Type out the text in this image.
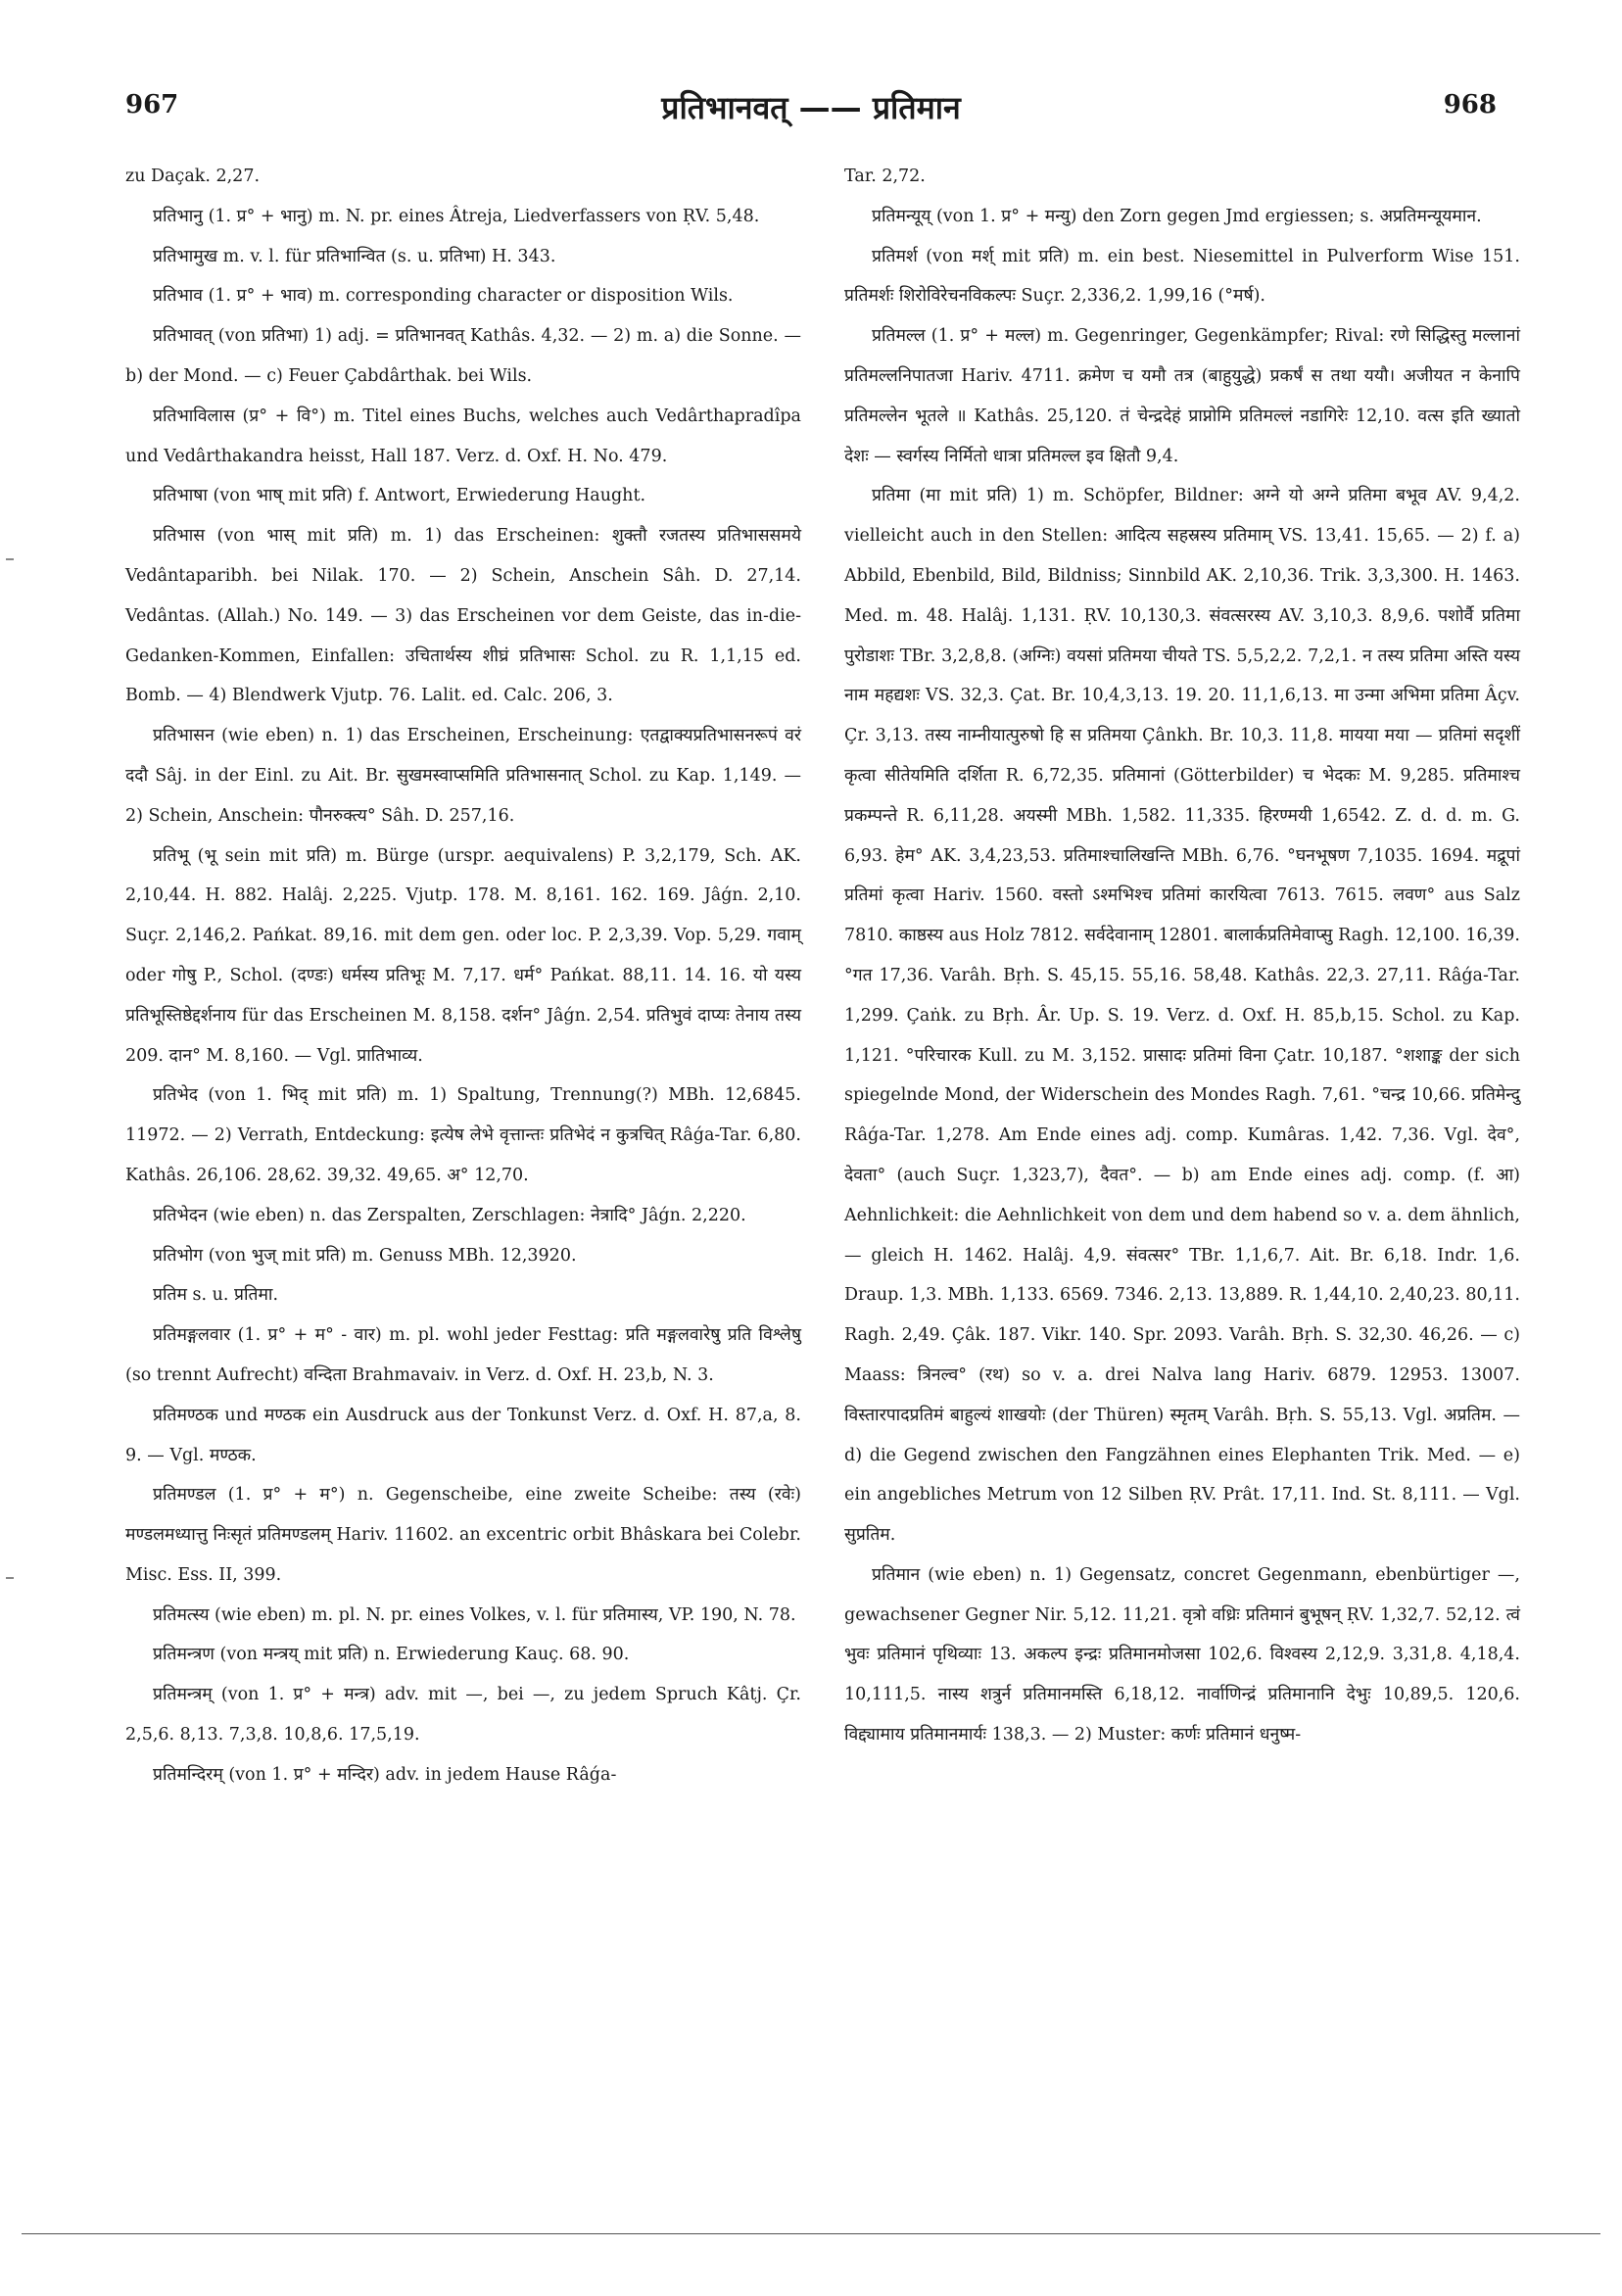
967	प्रतिभानवत् —— प्रतिमान	968

zu Daçak. 2,27.

प्रतिभानु (1. प्र° + भानु) m. N. pr. eines Âtreja, Liedverfassers von ṚV. 5,48.

प्रतिभामुख m. v. l. für प्रतिभान्वित (s. u. प्रतिभा) H. 343.

प्रतिभाव (1. प्र° + भाव) m. corresponding character or disposition Wils.

प्रतिभावत् (von प्रतिभा) 1) adj. = प्रतिभानवत् Kathâs. 4,32. — 2) m. a) die Sonne. — b) der Mond. — c) Feuer Çabdârthak. bei Wils.

प्रतिभाविलास (प्र° + वि°) m. Titel eines Buchs, welches auch Vedârthapradîpa und Vedârthakandra heisst, Hall 187. Verz. d. Oxf. H. No. 479.

प्रतिभाषा (von भाष् mit प्रति) f. Antwort, Erwiederung Haught.

प्रतिभास (von भास् mit प्रति) m. 1) das Erscheinen: शुक्तौ रजतस्य प्रतिभाससमये Vedântaparibh. bei Nilak. 170. — 2) Schein, Anschein Sâh. D. 27,14. Vedântas. (Allah.) No. 149. — 3) das Erscheinen vor dem Geiste, das in-die-Gedanken-Kommen, Einfallen: उचितार्थस्य शीघ्रं प्रतिभासः Schol. zu R. 1,1,15 ed. Bomb. — 4) Blendwerk Vjutp. 76. Lalit. ed. Calc. 206, 3.

प्रतिभासन (wie eben) n. 1) das Erscheinen, Erscheinung: एतद्वाक्यप्रतिभासनरूपं वरं ददौ Sâj. in der Einl. zu Ait. Br. सुखमस्वाप्समिति प्रतिभासनात् Schol. zu Kap. 1,149. — 2) Schein, Anschein: पौनरुक्त्य° Sâh. D. 257,16.

प्रतिभू (भू sein mit प्रति) m. Bürge (urspr. aequivalens) P. 3,2,179, Sch. AK. 2,10,44. H. 882. Halâj. 2,225. Vjutp. 178. M. 8,161. 162. 169. Jâǵn. 2,10. Suçr. 2,146,2. Pańkat. 89,16. mit dem gen. oder loc. P. 2,3,39. Vop. 5,29. गवाम् oder गोषु P., Schol. (दण्डः) धर्मस्य प्रतिभूः M. 7,17. धर्म° Pańkat. 88,11. 14. 16. यो यस्य प्रतिभूस्तिष्ठेद्दर्शनाय für das Erscheinen M. 8,158. दर्शन° Jâǵn. 2,54. प्रतिभुवं दाप्यः तेनाय तस्य 209. दान° M. 8,160. — Vgl. प्रातिभाव्य.

प्रतिभेद (von 1. भिद् mit प्रति) m. 1) Spaltung, Trennung(?) MBh. 12,6845. 11972. — 2) Verrath, Entdeckung: इत्येष लेभे वृत्तान्तः प्रतिभेदं न कुत्रचित् Râǵa-Tar. 6,80. Kathâs. 26,106. 28,62. 39,32. 49,65. अ° 12,70.

प्रतिभेदन (wie eben) n. das Zerspalten, Zerschlagen: नेत्रादि° Jâǵn. 2,220.

प्रतिभोग (von भुज् mit प्रति) m. Genuss MBh. 12,3920.

प्रतिम s. u. प्रतिमा.

प्रतिमङ्गलवार (1. प्र° + म° - वार) m. pl. wohl jeder Festtag: प्रति मङ्गलवारेषु प्रति विश्लेषु (so trennt Aufrecht) वन्दिता Brahmavaiv. in Verz. d. Oxf. H. 23,b, N. 3.

प्रतिमण्ठक und मण्ठक ein Ausdruck aus der Tonkunst Verz. d. Oxf. H. 87,a, 8. 9. — Vgl. मण्ठक.

प्रतिमण्डल (1. प्र° + म°) n. Gegenscheibe, eine zweite Scheibe: तस्य (रवेः) मण्डलमध्यात्तु निःसृतं प्रतिमण्डलम् Hariv. 11602. an excentric orbit Bhâskara bei Colebr. Misc. Ess. II, 399.

प्रतिमत्स्य (wie eben) m. pl. N. pr. eines Volkes, v. l. für प्रतिमास्य, VP. 190, N. 78.

प्रतिमन्त्रण (von मन्त्रय् mit प्रति) n. Erwiederung Kauç. 68. 90.

प्रतिमन्त्रम् (von 1. प्र° + मन्त्र) adv. mit —, bei —, zu jedem Spruch Kâtj. Çr. 2,5,6. 8,13. 7,3,8. 10,8,6. 17,5,19.

प्रतिमन्दिरम् (von 1. प्र° + मन्दिर) adv. in jedem Hause Râǵa-

Tar. 2,72.

प्रतिमन्यूय् (von 1. प्र° + मन्यु) den Zorn gegen Jmd ergiessen; s. अप्रतिमन्यूयमान.

प्रतिमर्श (von मर्श् mit प्रति) m. ein best. Niesemittel in Pulverform Wise 151. प्रतिमर्शः शिरोविरेचनविकल्पः Suçr. 2,336,2. 1,99,16 (°मर्ष).

प्रतिमल्ल (1. प्र° + मल्ल) m. Gegenringer, Gegenkämpfer; Rival: रणे सिद्धिस्तु मल्लानां प्रतिमल्लनिपातजा Hariv. 4711. क्रमेण च यमौ तत्र (बाहुयुद्धे) प्रकर्षं स तथा ययौ। अजीयत न केनापि प्रतिमल्लेन भूतले ॥ Kathâs. 25,120. तं चेन्द्रदेहं प्राप्नोमि प्रतिमल्लं नडागिरेः 12,10. वत्स इति ख्यातो देशः — स्वर्गस्य निर्मितो धात्रा प्रतिमल्ल इव क्षितौ 9,4.

प्रतिमा (मा mit प्रति) 1) m. Schöpfer, Bildner: अग्ने यो अग्ने प्रतिमा बभूव AV. 9,4,2. vielleicht auch in den Stellen: आदित्य सहस्रस्य प्रतिमाम् VS. 13,41. 15,65. — 2) f. a) Abbild, Ebenbild, Bild, Bildniss; Sinnbild AK. 2,10,36. Trik. 3,3,300. H. 1463. Med. m. 48. Halâj. 1,131. ṚV. 10,130,3. संवत्सरस्य AV. 3,10,3. 8,9,6. पशोर्वै प्रतिमा पुरोडाशः TBr. 3,2,8,8. (अग्निः) वयसां प्रतिमया चीयते TS. 5,5,2,2. 7,2,1. न तस्य प्रतिमा अस्ति यस्य नाम महद्यशः VS. 32,3. Çat. Br. 10,4,3,13. 19. 20. 11,1,6,13. मा उन्मा अभिमा प्रतिमा Âçv. Çr. 3,13. तस्य नाम्नीयात्पुरुषो हि स प्रतिमया Çânkh. Br. 10,3. 11,8. मायया मया — प्रतिमां सदृशीं कृत्वा सीतेयमिति दर्शिता R. 6,72,35. प्रतिमानां (Götterbilder) च भेदकः M. 9,285. प्रतिमाश्च प्रकम्पन्ते R. 6,11,28. अयस्मी MBh. 1,582. 11,335. हिरण्मयी 1,6542. Z. d. d. m. G. 6,93. हेम° AK. 3,4,23,53. प्रतिमाश्चालिखन्ति MBh. 6,76. °घनभूषण 7,1035. 1694. मद्रूपां प्रतिमां कृत्वा Hariv. 1560. वस्तो ऽश्मभिश्च प्रतिमां कारयित्वा 7613. 7615. लवण° aus Salz 7810. काष्ठस्य aus Holz 7812. सर्वदेवानाम् 12801. बालार्कप्रतिमेवाप्सु Ragh. 12,100. 16,39. °गत 17,36. Varâh. Bṛh. S. 45,15. 55,16. 58,48. Kathâs. 22,3. 27,11. Râǵa-Tar. 1,299. Çaṅk. zu Bṛh. Âr. Up. S. 19. Verz. d. Oxf. H. 85,b,15. Schol. zu Kap. 1,121. °परिचारक Kull. zu M. 3,152. प्रासादः प्रतिमां विना Çatr. 10,187. °शशाङ्क der sich spiegelnde Mond, der Widerschein des Mondes Ragh. 7,61. °चन्द्र 10,66. प्रतिमेन्दु Râǵa-Tar. 1,278. Am Ende eines adj. comp. Kumâras. 1,42. 7,36. Vgl. देव°, देवता° (auch Suçr. 1,323,7), दैवत°. — b) am Ende eines adj. comp. (f. आ) Aehnlichkeit: die Aehnlichkeit von dem und dem habend so v. a. dem ähnlich, — gleich H. 1462. Halâj. 4,9. संवत्सर° TBr. 1,1,6,7. Ait. Br. 6,18. Indr. 1,6. Draup. 1,3. MBh. 1,133. 6569. 7346. 2,13. 13,889. R. 1,44,10. 2,40,23. 80,11. Ragh. 2,49. Çâk. 187. Vikr. 140. Spr. 2093. Varâh. Bṛh. S. 32,30. 46,26. — c) Maass: त्रिनल्व° (रथ) so v. a. drei Nalva lang Hariv. 6879. 12953. 13007. विस्तारपादप्रतिमं बाहुल्यं शाखयोः (der Thüren) स्मृतम् Varâh. Bṛh. S. 55,13. Vgl. अप्रतिम. — d) die Gegend zwischen den Fangzähnen eines Elephanten Trik. Med. — e) ein angebliches Metrum von 12 Silben ṚV. Prât. 17,11. Ind. St. 8,111. — Vgl. सुप्रतिम.

प्रतिमान (wie eben) n. 1) Gegensatz, concret Gegenmann, ebenbürtiger —, gewachsener Gegner Nir. 5,12. 11,21. वृत्रो वध्रिः प्रतिमानं बुभूषन् ṚV. 1,32,7. 52,12. त्वं भुवः प्रतिमानं पृथिव्याः 13. अकल्प इन्द्रः प्रतिमानमोजसा 102,6. विश्वस्य 2,12,9. 3,31,8. 4,18,4. 10,111,5. नास्य शत्रुर्न प्रतिमानमस्ति 6,18,12. नार्वाणिन्द्रं प्रतिमानानि देभुः 10,89,5. 120,6. विद्द्यामाय प्रतिमानमार्यः 138,3. — 2) Muster: कर्णः प्रतिमानं धनुष्म-
